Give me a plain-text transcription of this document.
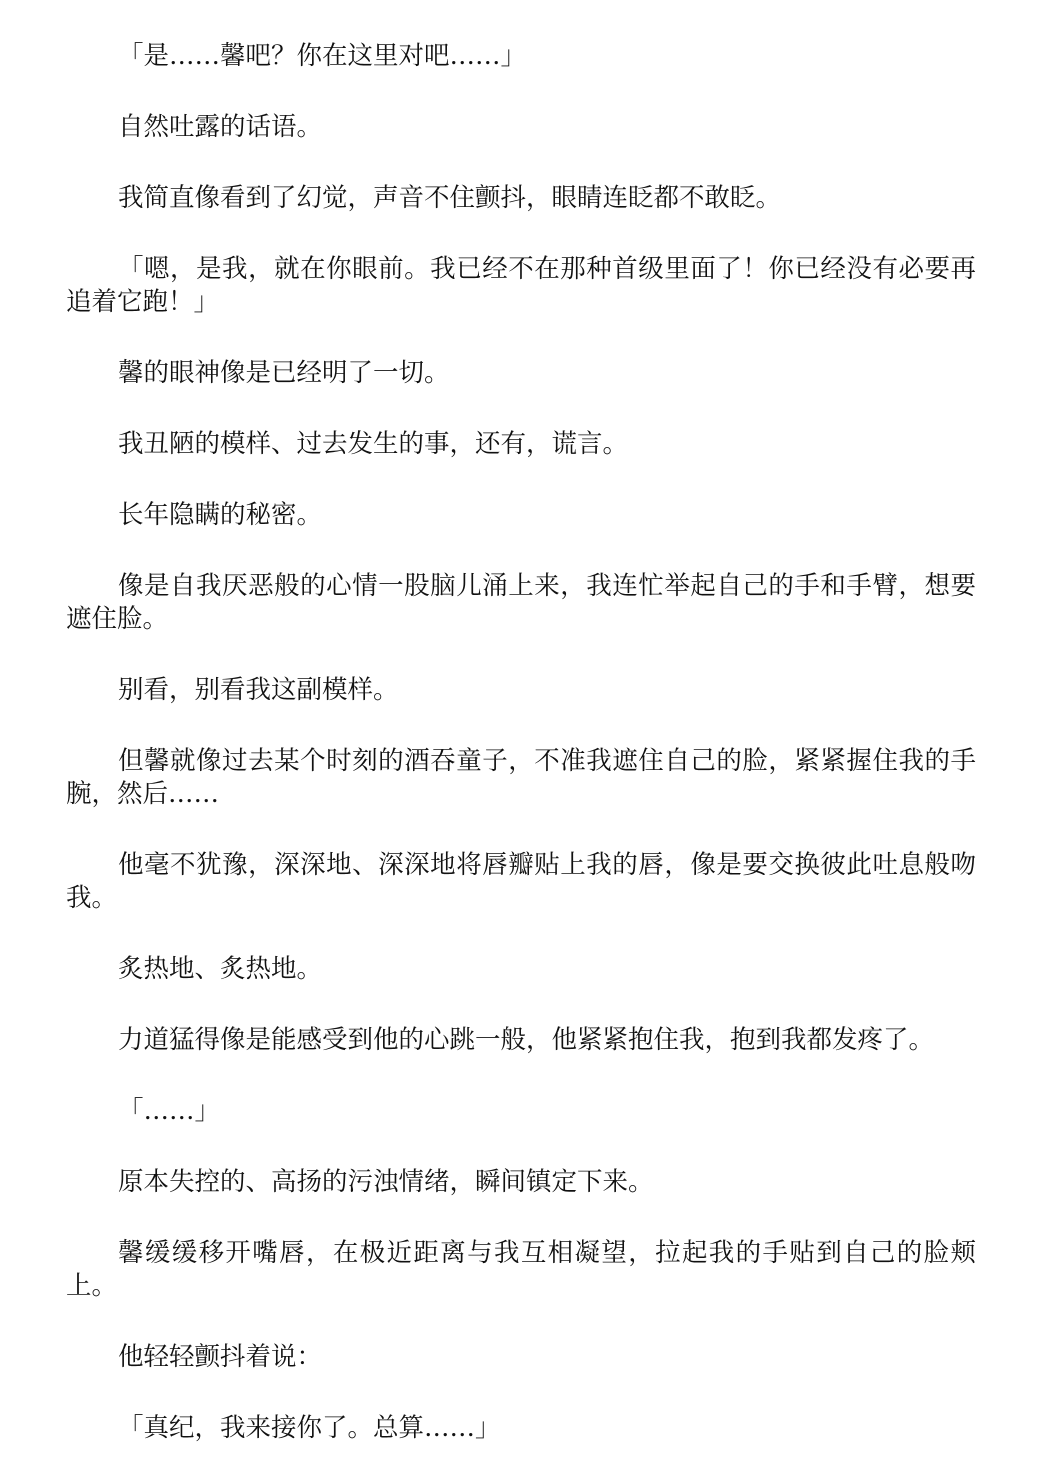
「是……馨吧？你在这里对吧……」

自然吐露的话语。

我简直像看到了幻觉，声音不住颤抖，眼睛连眨都不敢眨。

「嗯，是我，就在你眼前。我已经不在那种首级里面了！你已经没有必要再追着它跑！」

馨的眼神像是已经明了一切。

我丑陋的模样、过去发生的事，还有，谎言。

长年隐瞒的秘密。

像是自我厌恶般的心情一股脑儿涌上来，我连忙举起自己的手和手臂，想要遮住脸。

别看，别看我这副模样。

但馨就像过去某个时刻的酒吞童子，不准我遮住自己的脸，紧紧握住我的手腕，然后……

他毫不犹豫，深深地、深深地将唇瓣贴上我的唇，像是要交换彼此吐息般吻我。

炙热地、炙热地。

力道猛得像是能感受到他的心跳一般，他紧紧抱住我，抱到我都发疼了。

「……」

原本失控的、高扬的污浊情绪，瞬间镇定下来。

馨缓缓移开嘴唇，在极近距离与我互相凝望，拉起我的手贴到自己的脸颊上。

他轻轻颤抖着说：

「真纪，我来接你了。总算……」
